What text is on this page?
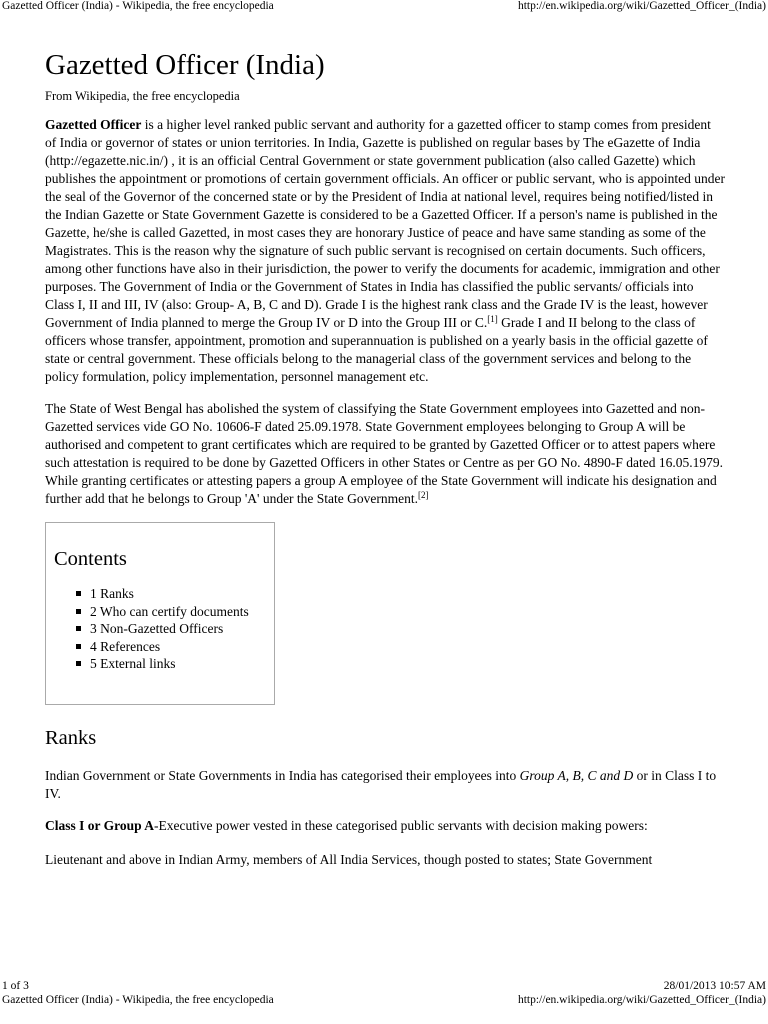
Gazetted Officer (India) - Wikipedia, the free encyclopedia	http://en.wikipedia.org/wiki/Gazetted_Officer_(India)
Gazetted Officer (India)
From Wikipedia, the free encyclopedia

Gazetted Officer is a higher level ranked public servant and authority for a gazetted officer to stamp comes from president of India or governor of states or union territories. In India, Gazette is published on regular bases by The eGazette of India (http://egazette.nic.in/) , it is an official Central Government or state government publication (also called Gazette) which publishes the appointment or promotions of certain government officials. An officer or public servant, who is appointed under the seal of the Governor of the concerned state or by the President of India at national level, requires being notified/listed in the Indian Gazette or State Government Gazette is considered to be a Gazetted Officer. If a person's name is published in the Gazette, he/she is called Gazetted, in most cases they are honorary Justice of peace and have same standing as some of the Magistrates. This is the reason why the signature of such public servant is recognised on certain documents. Such officers, among other functions have also in their jurisdiction, the power to verify the documents for academic, immigration and other purposes. The Government of India or the Government of States in India has classified the public servants/ officials into Class I, II and III, IV (also: Group- A, B, C and D). Grade I is the highest rank class and the Grade IV is the least, however Government of India planned to merge the Group IV or D into the Group III or C.[1] Grade I and II belong to the class of officers whose transfer, appointment, promotion and superannuation is published on a yearly basis in the official gazette of state or central government. These officials belong to the managerial class of the government services and belong to the policy formulation, policy implementation, personnel management etc.

The State of West Bengal has abolished the system of classifying the State Government employees into Gazetted and non-Gazetted services vide GO No. 10606-F dated 25.09.1978. State Government employees belonging to Group A will be authorised and competent to grant certificates which are required to be granted by Gazetted Officer or to attest papers where such attestation is required to be done by Gazetted Officers in other States or Centre as per GO No. 4890-F dated 16.05.1979. While granting certificates or attesting papers a group A employee of the State Government will indicate his designation and further add that he belongs to Group 'A' under the State Government.[2]

Contents
1 Ranks
2 Who can certify documents
3 Non-Gazetted Officers
4 References
5 External links
Ranks

Indian Government or State Governments in India has categorised their employees into Group A, B, C and D or in Class I to IV.

Class I or Group A-Executive power vested in these categorised public servants with decision making powers:

Lieutenant and above in Indian Army, members of All India Services, though posted to states; State Government

1 of 3	28/01/2013 10:57 AM
Gazetted Officer (India) - Wikipedia, the free encyclopedia	http://en.wikipedia.org/wiki/Gazetted_Officer_(India)
